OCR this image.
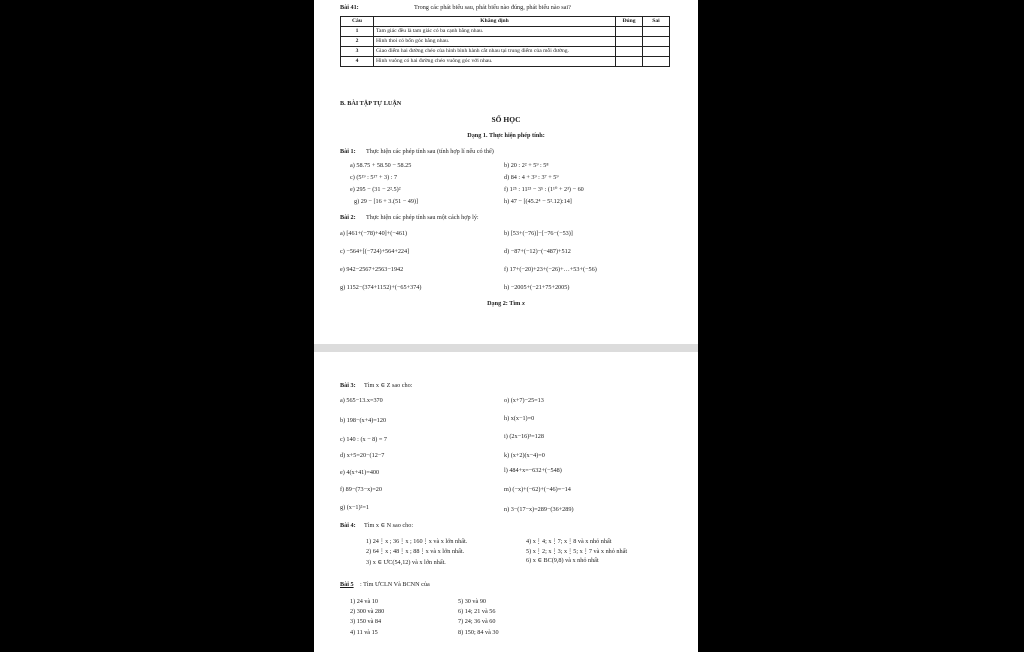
Bài 41:	Trong các phát biểu sau, phát biểu nào đúng, phát biểu nào sai?
Câu	Khẳng định	Đúng	Sai
1	Tam giác đều là tam giác có ba cạnh bằng nhau.		
2	Hình thoi có bốn góc bằng nhau.		
3	Giao điểm hai đường chéo của hình bình hành cắt nhau tại trung điểm của mỗi đường.		
4	Hình vuông có hai đường chéo vuông góc với nhau.		
B. BÀI TẬP TỰ LUẬN
SỐ HỌC
Dạng 1. Thực hiện phép tính:
Bài 1: Thực hiện các phép tính sau (tính hợp lí nếu có thể)
a) 58.75 + 58.50 − 58.25	b) 20 : 2² + 5⁹ : 5⁸
c) (5¹⁹ : 5¹⁷ + 3) : 7	d) 84 : 4 + 3⁹ : 3⁷ + 5⁹
e) 295 − (31 − 2².5)²	f) 1²⁵ : 11²³ − 3⁵ : (1¹⁰ + 2³) − 60
g) 29 − [16 + 3.(51 − 49)]	h) 47 − [(45.2⁴ − 5².12):14]
Bài 2: Thực hiện các phép tính sau một cách hợp lý:
a) [461+(−78)+40]+(−461)	b) [53+(−76)]−[−76−(−53)]
c) −564+[(−724)+564+224]	d) −87+(−12)−(−487)+512
e) 942−2567+2563−1942	f) 17+(−20)+23+(−26)+…+53+(−56)
g) 1152−(374+1152)+(−65+374)	h) −2005+(−21+75+2005)
Dạng 2: Tìm x
Bài 3: Tìm x ∈ Z sao cho:
a) 565−13.x=370	o) (x+7)−25=13
b) 198−(x+4)=120	h) x(x−1)=0
c) 140 : (x − 8) = 7	i) (2x−16)³=128
d) x+5=20−(12−7	k) (x+2)(x−4)=0
e) 4(x+41)=400	l) 484+x=−632+(−548)
f) 89−(73−x)=20	m) (−x)+(−62)+(−46)=−14
g) (x−1)²=1	n) 3−(17−x)=289−(36+289)
Bài 4: Tìm x ∈ N sao cho:
1) 24⋮x ; 36⋮x ; 160⋮x và x lớn nhất.	4) x⋮4; x⋮7; x⋮8 và x nhỏ nhất
2) 64⋮x ; 48⋮x ; 88⋮x và x lớn nhất.	5) x⋮2; x⋮3; x⋮5; x⋮7 và x nhỏ nhất
3) x ∈ ƯC(54,12) và x lớn nhất.	6) x ∈ BC(9,8) và x nhỏ nhất
Bài 5 : Tìm ƯCLN Và BCNN của
1) 24 và 10	5) 30 và 90
2) 300 và 280	6) 14; 21 và 56
3) 150 và 84	7) 24; 36 và 60
4) 11 và 15	8) 150; 84 và 30
